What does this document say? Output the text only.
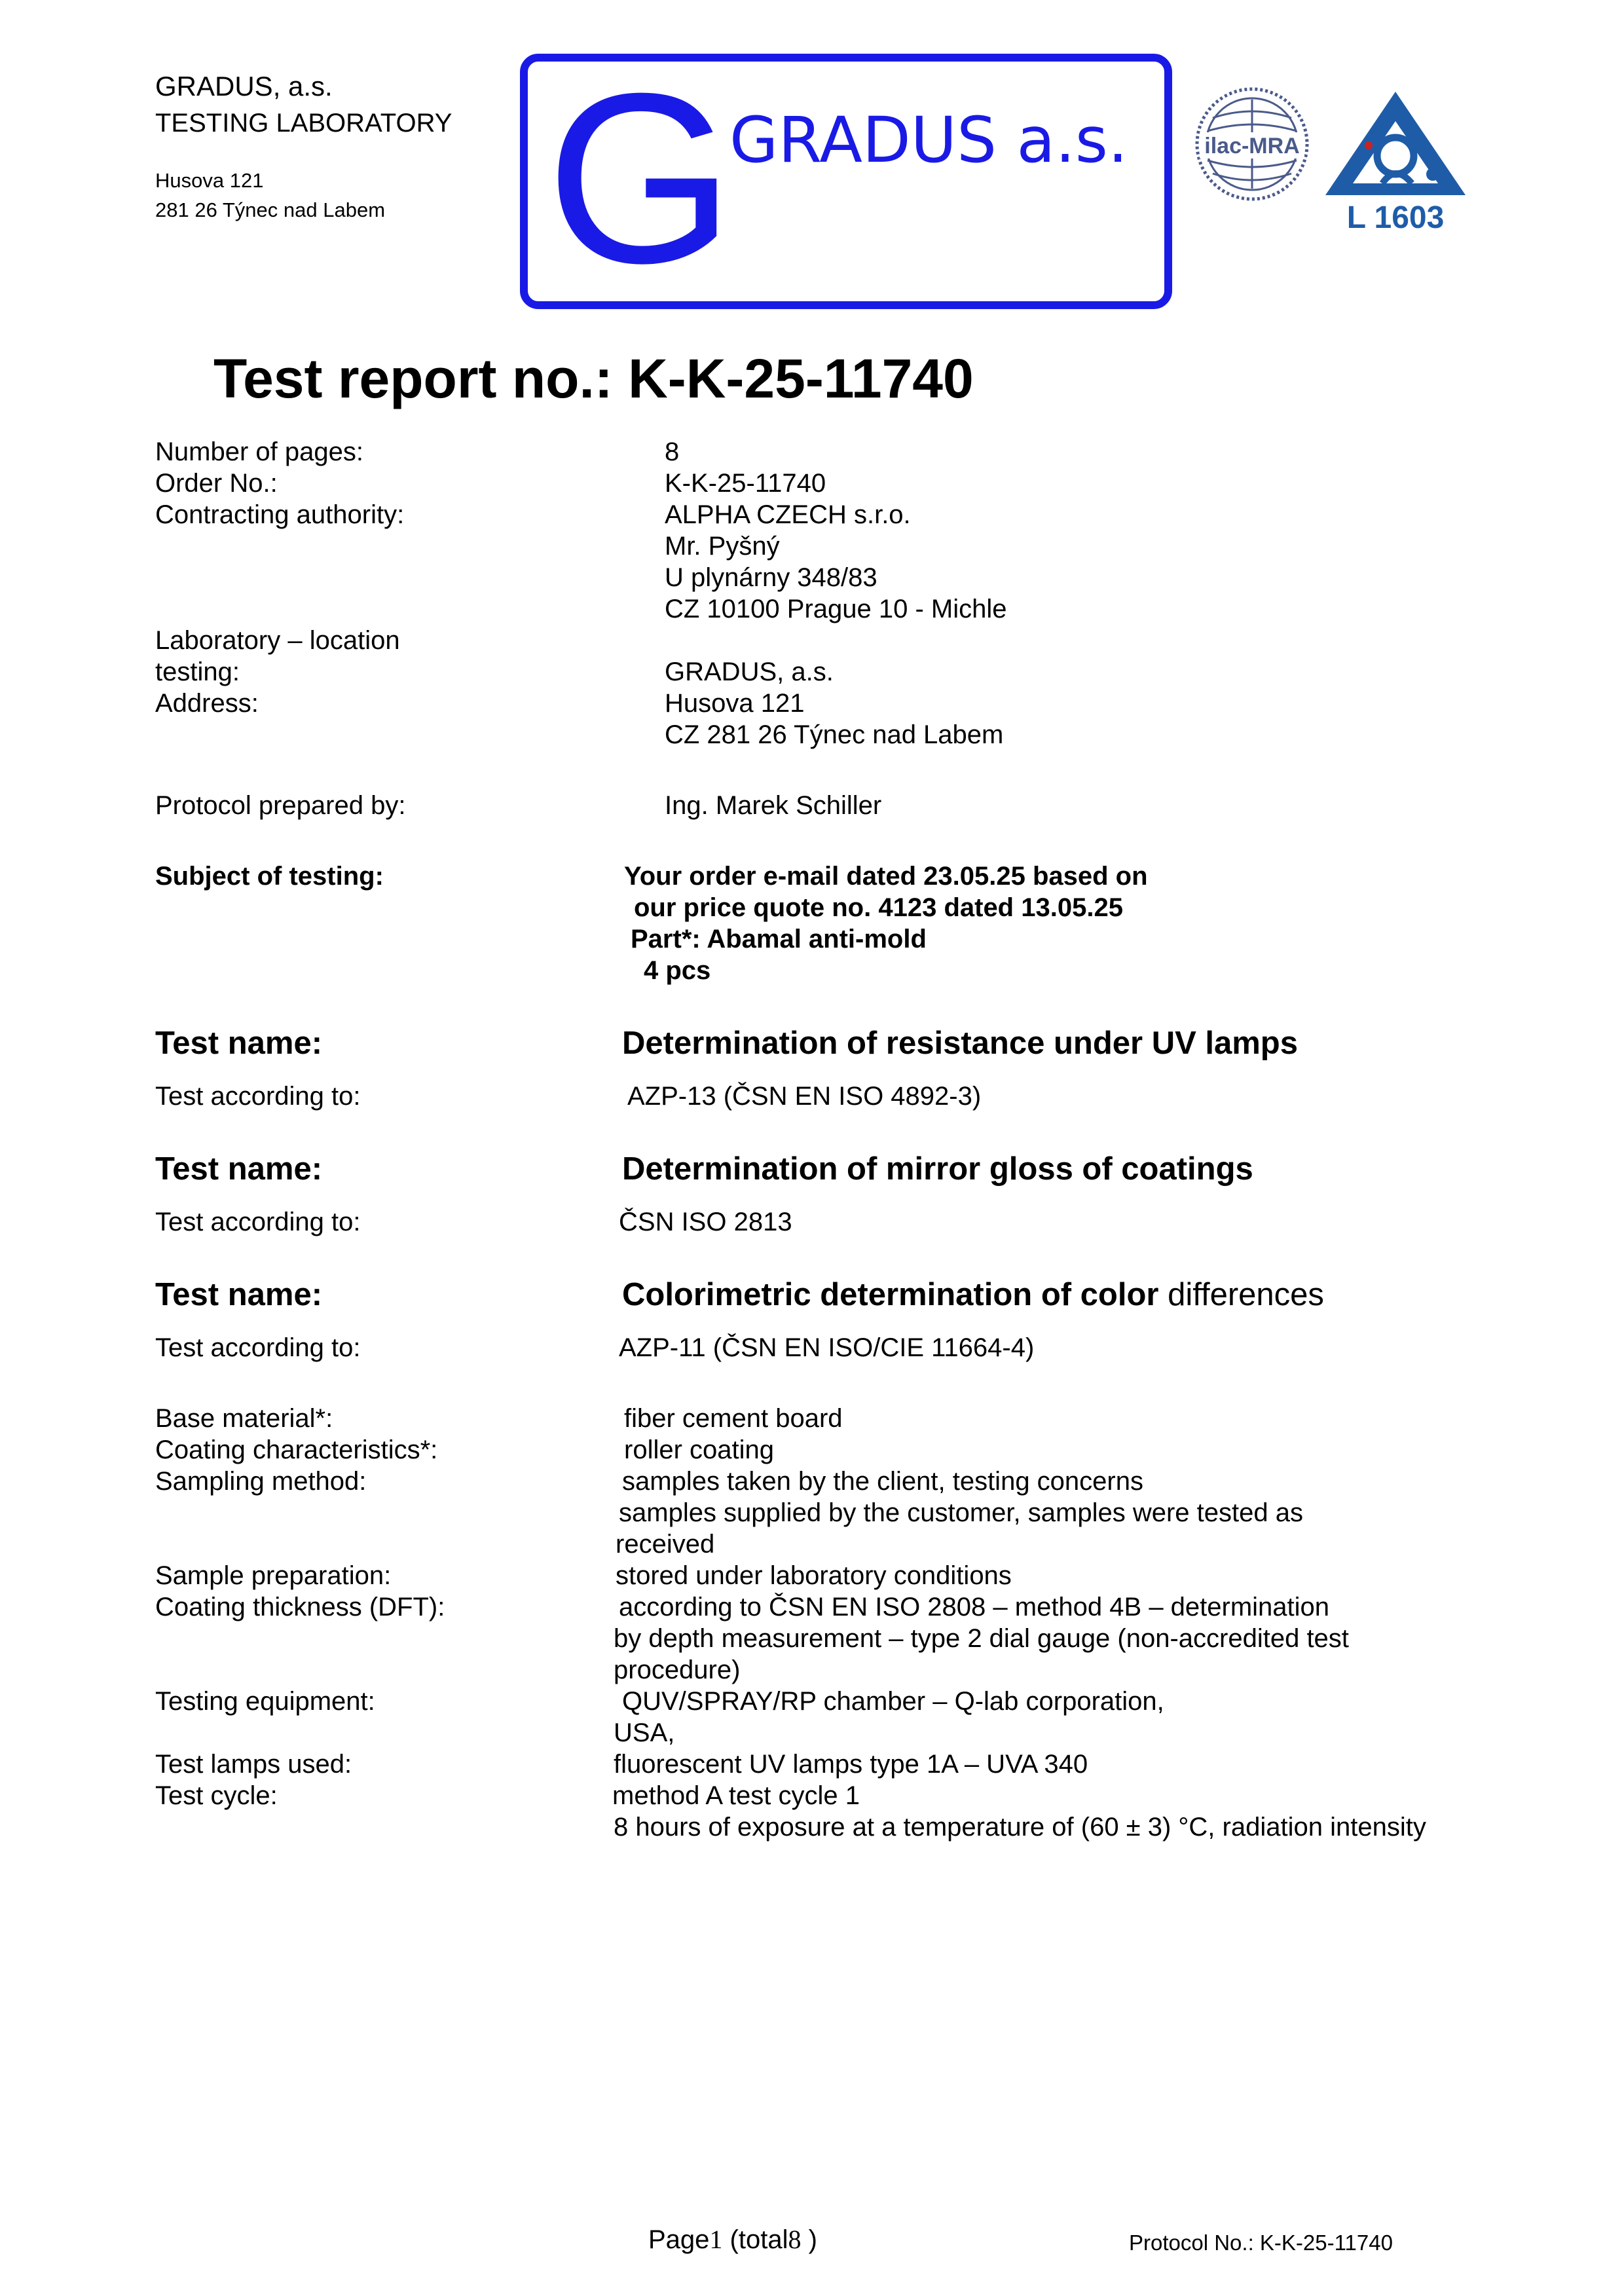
GRADUS, a.s.
TESTING LABORATORY
Husova 121
281 26 Týnec nad Labem G
GRADUS a.s.	ilac-MRA
L 1603
Test report no.: K-K-25-11740
Number of pages:	8
Order No.:	K-K-25-11740
Contracting authority:	ALPHA CZECH s.r.o.
Mr. Pyšný
U plynárny 348/83
CZ 10100 Prague 10 - Michle
Laboratory – location
testing:	GRADUS, a.s.
Address:	Husova 121
CZ 281 26 Týnec nad Labem
Protocol prepared by:	Ing. Marek Schiller
Subject of testing:	Your order e-mail dated 23.05.25 based on
our price quote no. 4123 dated 13.05.25
Part*: Abamal anti-mold
4 pcs
Test name:	Determination of resistance under UV lamps
Test according to:	AZP-13 (ČSN EN ISO 4892-3)
Test name:	Determination of mirror gloss of coatings
Test according to:	ČSN ISO 2813
Test name:	Colorimetric determination of color differences
Test according to:	AZP-11 (ČSN EN ISO/CIE 11664-4)
Base material*:	fiber cement board
Coating characteristics*:	roller coating
Sampling method:	samples taken by the client, testing concerns
samples supplied by the customer, samples were tested as
received
Sample preparation:	stored under laboratory conditions
Coating thickness (DFT):	according to ČSN EN ISO 2808 – method 4B – determination
by depth measurement – type 2 dial gauge (non-accredited test
procedure)
Testing equipment:	QUV/SPRAY/RP chamber – Q-lab corporation,
USA,
Test lamps used:	fluorescent UV lamps type 1A – UVA 340
Test cycle:	method A test cycle 1
8 hours of exposure at a temperature of (60 ± 3) °C, radiation intensity
Page1 (total8 )	Protocol No.: K-K-25-11740
